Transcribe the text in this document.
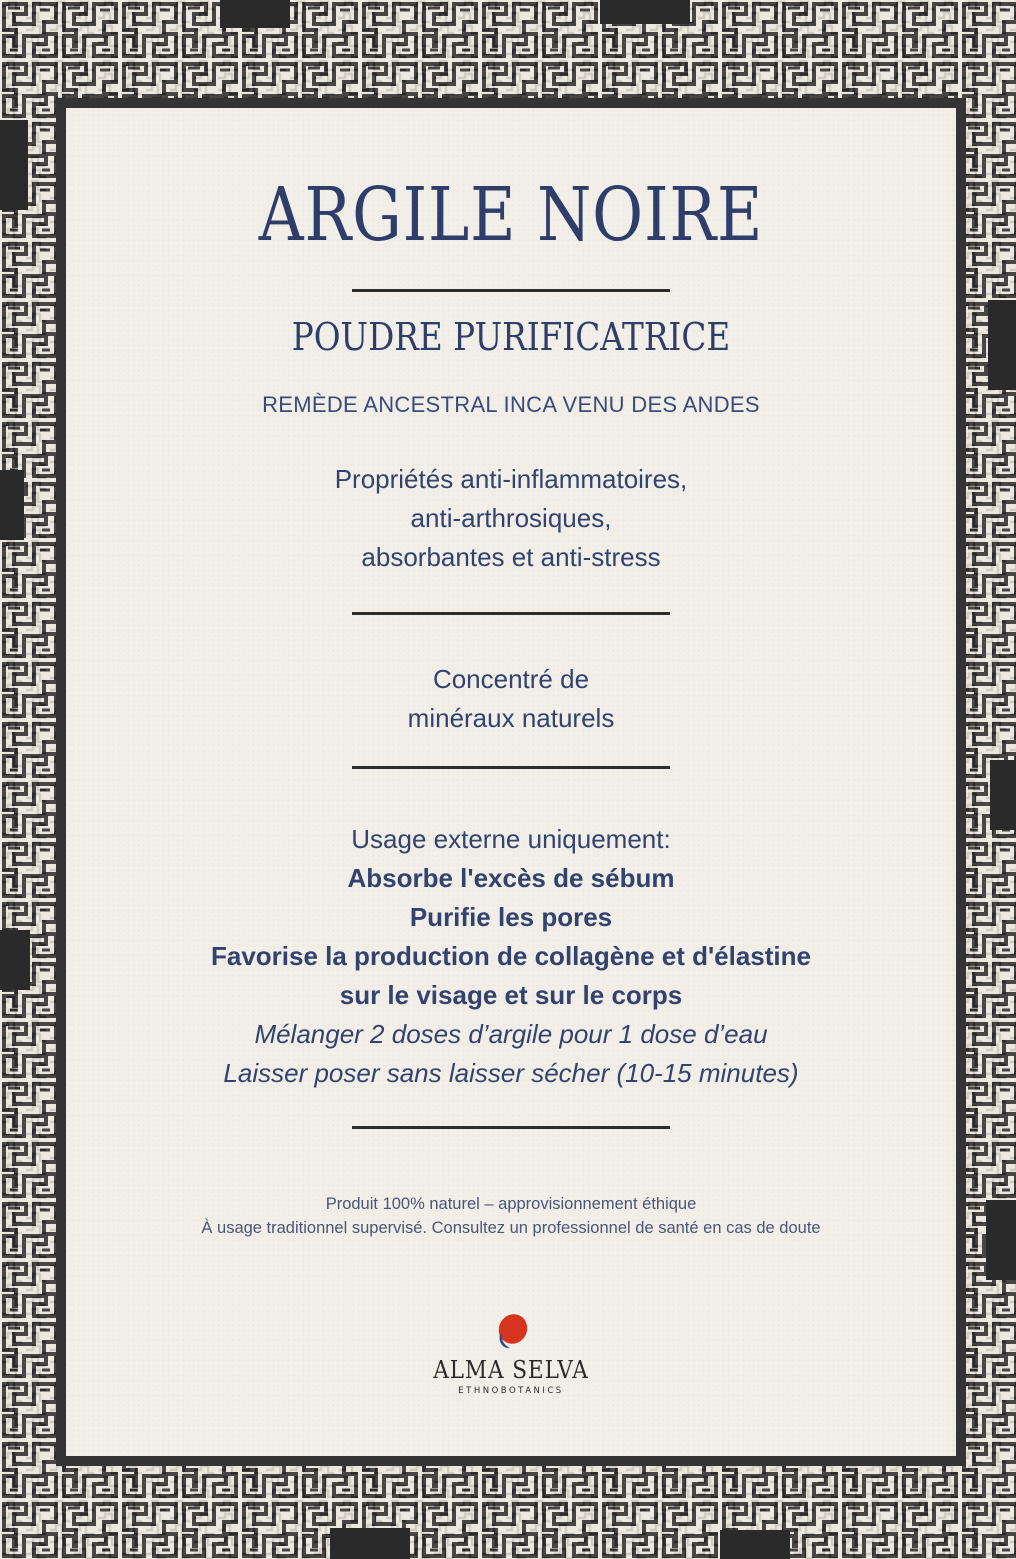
ARGILE NOIRE
POUDRE PURIFICATRICE
REMÈDE ANCESTRAL INCA VENU DES ANDES
Propriétés anti-inflammatoires,
anti-arthrosiques,
absorbantes et anti-stress
Concentré de
minéraux naturels
Usage externe uniquement:
Absorbe l'excès de sébum
Purifie les pores
Favorise la production de collagène et d'élastine
sur le visage et sur le corps
Mélanger 2 doses d’argile pour 1 dose d’eau
Laisser poser sans laisser sécher (10-15 minutes)
Produit 100% naturel – approvisionnement éthique
À usage traditionnel supervisé. Consultez un professionnel de santé en cas de doute
ALMA SELVA
ETHNOBOTANICS
